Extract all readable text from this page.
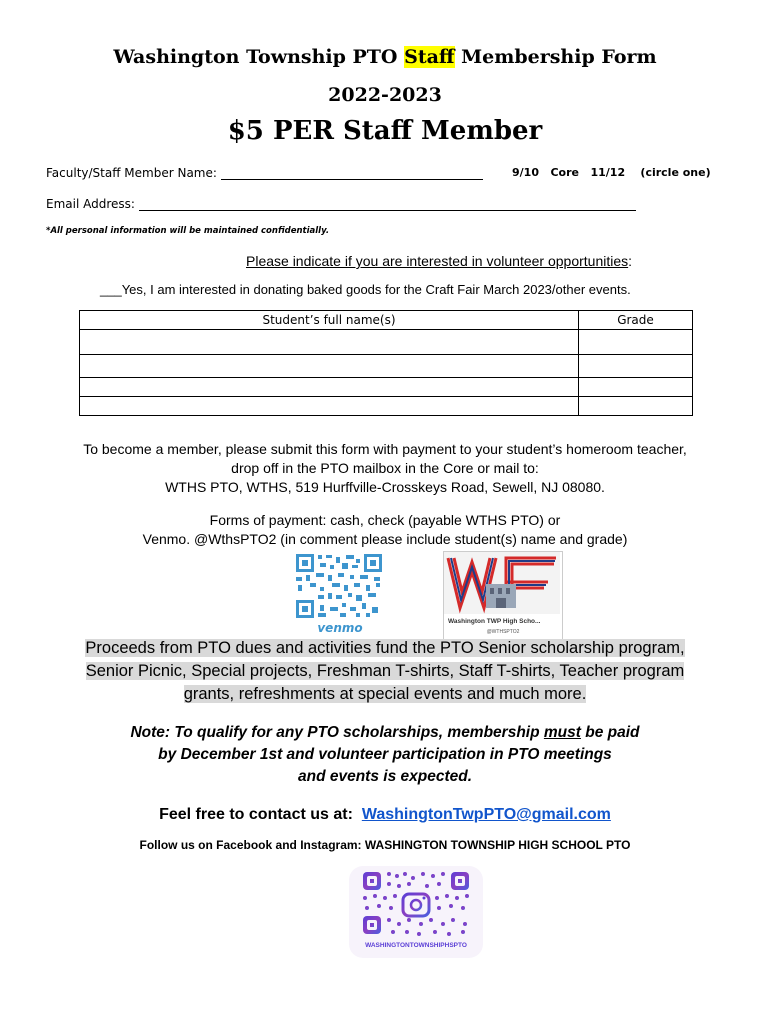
Washington Township PTO Staff Membership Form
2022-2023
$5 PER Staff Member
Faculty/Staff Member Name:	9/10   Core   11/12    (circle one)
Email Address:
*All personal information will be maintained confidentially.
Please indicate if you are interested in volunteer opportunities:
___Yes, I am interested in donating baked goods for the Craft Fair March 2023/other events.
Student’s full name(s)	Grade

To become a member, please submit this form with payment to your student’s homeroom teacher,
drop off in the PTO mailbox in the Core or mail to:
WTHS PTO, WTHS, 519 Hurffville-Crosskeys Road, Sewell, NJ 08080.
Forms of payment: cash, check (payable WTHS PTO) or
Venmo. @WthsPTO2 (in comment please include student(s) name and grade)
venmo	Washington TWP High Scho...
@WTHSPTO2
Proceeds from PTO dues and activities fund the PTO Senior scholarship program,
Senior Picnic, Special projects, Freshman T-shirts, Staff T-shirts, Teacher program
grants, refreshments at special events and much more.
Note: To qualify for any PTO scholarships, membership must be paid
by December 1st and volunteer participation in PTO meetings
and events is expected.
Feel free to contact us at:  WashingtonTwpPTO@gmail.com
Follow us on Facebook and Instagram: WASHINGTON TOWNSHIP HIGH SCHOOL PTO
WASHINGTONTOWNSHIPHSPTO
